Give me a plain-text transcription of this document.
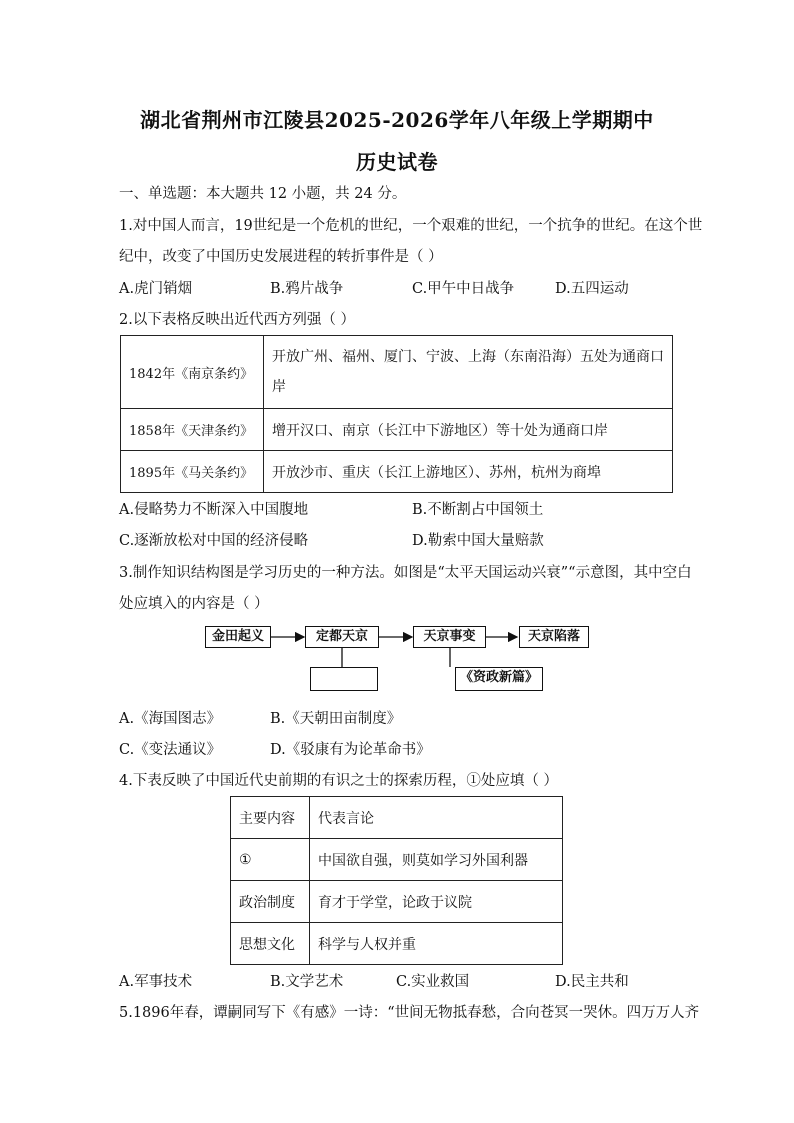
湖北省荆州市江陵县2025-2026学年八年级上学期期中
历史试卷
一、单选题：本大题共 12 小题，共 24 分。
1.对中国人而言，19世纪是一个危机的世纪，一个艰难的世纪，一个抗争的世纪。在这个世
纪中，改变了中国历史发展进程的转折事件是（ ）
A.虎门销烟	B.鸦片战争	C.甲午中日战争	D.五四运动
2.以下表格反映出近代西方列强（ ）
1842年《南京条约》	开放广州、福州、厦门、宁波、上海（东南沿海）五处为通商口
岸

1858年《天津条约》	增开汉口、南京（长江中下游地区）等十处为通商口岸
1895年《马关条约》	开放沙市、重庆（长江上游地区）、苏州，杭州为商埠
A.侵略势力不断深入中国腹地	B.不断割占中国领土
C.逐渐放松对中国的经济侵略	D.勒索中国大量赔款
3.制作知识结构图是学习历史的一种方法。如图是“太平天国运动兴衰”“示意图，其中空白
处应填入的内容是（ ）
金田起义	定都天京	天京事变	天京陷落
《资政新篇》
A.《海国图志》	B.《天朝田亩制度》
C.《变法通议》	D.《驳康有为论革命书》
4.下表反映了中国近代史前期的有识之士的探索历程，①处应填（ ）
主要内容	代表言论
①	中国欲自强，则莫如学习外国利器
政治制度	育才于学堂，论政于议院
思想文化	科学与人权并重
A.军事技术	B.文学艺术	C.实业救国	D.民主共和
5.1896年春，谭嗣同写下《有感》一诗：“世间无物抵春愁，合向苍冥一哭休。四万万人齐
